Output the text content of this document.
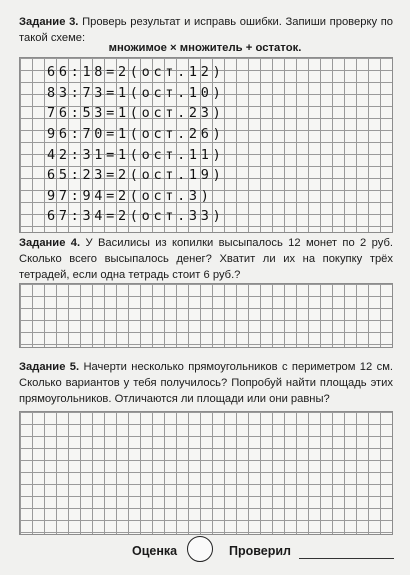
Задание 3. Проверь результат и исправь ошибки. Запиши проверку по такой схеме:

множимое × множитель + остаток.
66:18=2(ост.12)
83:73=1(ост.10)
76:53=1(ост.23)
96:70=1(ост.26)
42:31=1(ост.11)
65:23=2(ост.19)
97:94=2(ост.3)
67:34=2(ост.33)

Задание 4. У Василисы из копилки высыпалось 12 монет по 2 руб. Сколько всего высыпалось денег? Хватит ли их на покупку трёх тетрадей, если одна тетрадь стоит 6 руб.?

Задание 5. Начерти несколько прямоугольников с периметром 12 см. Сколько вариантов у тебя получилось? Попробуй найти площадь этих прямоугольников. Отличаются ли площади или они равны?

Оценка	Проверил
